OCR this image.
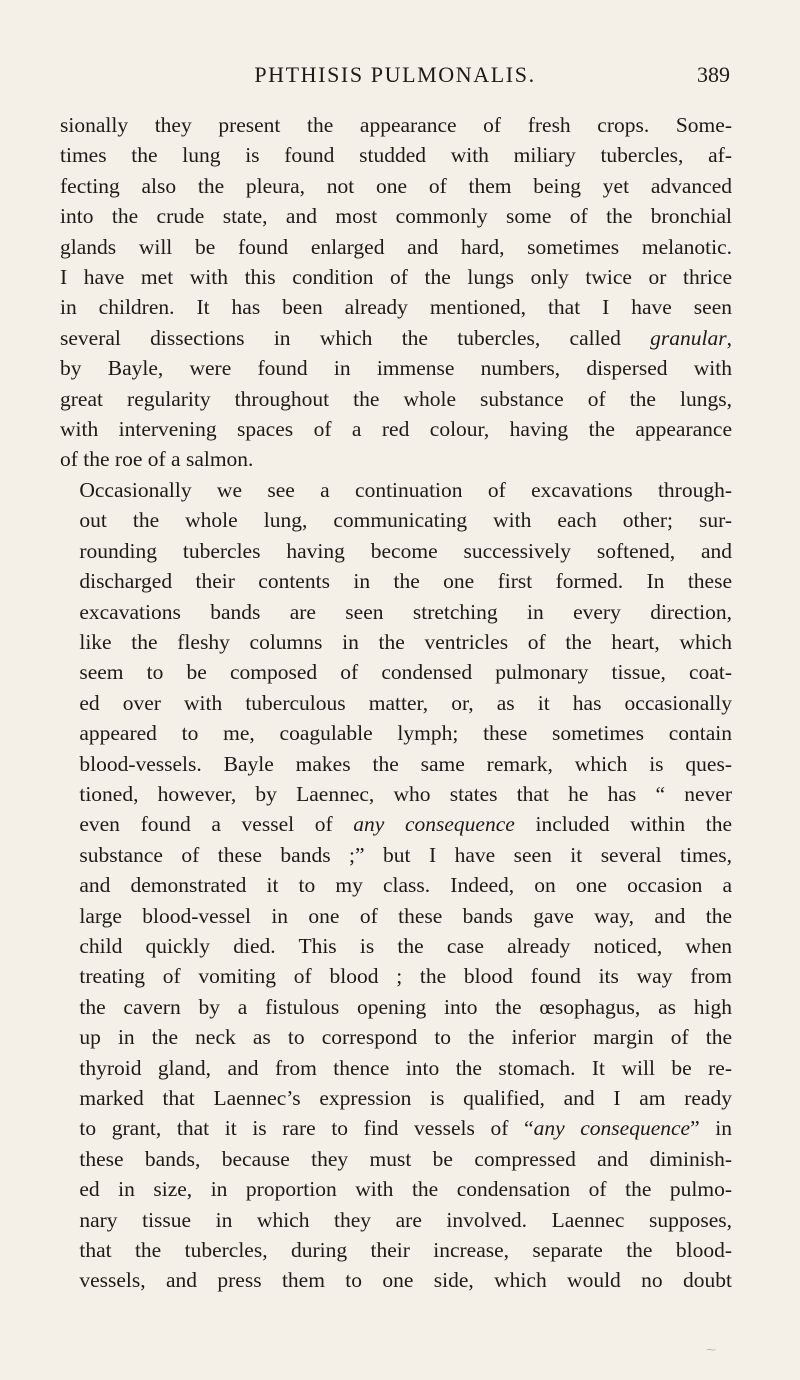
PHTHISIS PULMONALIS.	389

sionally they present the appearance of fresh crops. Some-
times the lung is found studded with miliary tubercles, af-
fecting also the pleura, not one of them being yet advanced
into the crude state, and most commonly some of the bronchial
glands will be found enlarged and hard, sometimes melanotic.
I have met with this condition of the lungs only twice or thrice
in children. It has been already mentioned, that I have seen
several dissections in which the tubercles, called granular,
by Bayle, were found in immense numbers, dispersed with
great regularity throughout the whole substance of the lungs,
with intervening spaces of a red colour, having the appearance
of the roe of a salmon.

Occasionally we see a continuation of excavations through-
out the whole lung, communicating with each other; sur-
rounding tubercles having become successively softened, and
discharged their contents in the one first formed. In these
excavations bands are seen stretching in every direction,
like the fleshy columns in the ventricles of the heart, which
seem to be composed of condensed pulmonary tissue, coat-
ed over with tuberculous matter, or, as it has occasionally
appeared to me, coagulable lymph; these sometimes contain
blood-vessels. Bayle makes the same remark, which is ques-
tioned, however, by Laennec, who states that he has “ never
even found a vessel of any consequence included within the
substance of these bands ;” but I have seen it several times,
and demonstrated it to my class. Indeed, on one occasion a
large blood-vessel in one of these bands gave way, and the
child quickly died. This is the case already noticed, when
treating of vomiting of blood ; the blood found its way from
the cavern by a fistulous opening into the œsophagus, as high
up in the neck as to correspond to the inferior margin of the
thyroid gland, and from thence into the stomach. It will be re-
marked that Laennec’s expression is qualified, and I am ready
to grant, that it is rare to find vessels of “any consequence” in
these bands, because they must be compressed and diminish-
ed in size, in proportion with the condensation of the pulmo-
nary tissue in which they are involved. Laennec supposes,
that the tubercles, during their increase, separate the blood-
vessels, and press them to one side, which would no doubt

⁓
